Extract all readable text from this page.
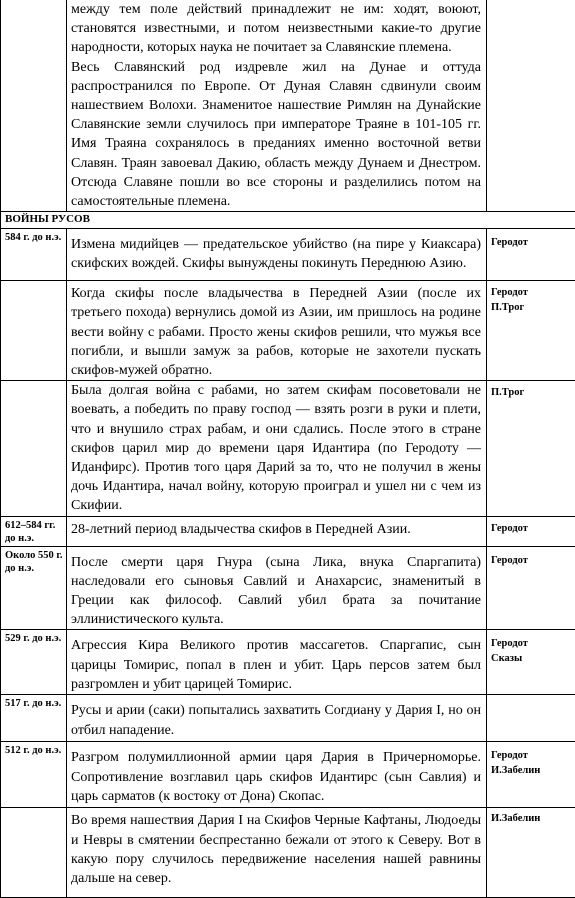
	между тем поле действий принадлежит не им: ходят, воюют, становятся известными, и потом неизвестными какие-то другие народности, которых наука не почитает за Славянские племена.

Весь Славянский род издревле жил на Дунае и оттуда распространился по Европе. От Дуная Славян сдвинули своим нашествием Волохи. Знаменитое нашествие Римлян на Дунайские Славянские земли случилось при императоре Траяне в 101-105 гг. Имя Траяна сохранялось в преданиях именно восточной ветви Славян. Траян завоевал Дакию, область между Дунаем и Днестром. Отсюда Славяне пошли во все стороны и разделились потом на самостоятельные племена.	

ВОЙНЫ РУСОВ		
584 г. до н.э.	Измена мидийцев — предательское убийство (на пире у Киаксара) скифских вождей. Скифы вынуждены покинуть Переднюю Азию.	Геродот

	Когда скифы после владычества в Передней Азии (после их третьего похода) вернулись домой из Азии, им пришлось на родине вести войну с рабами. Просто жены скифов решили, что мужья все погибли, и вышли замуж за рабов, которые не захотели пускать скифов-мужей обратно.	Геродот
П.Трог

	Была долгая война с рабами, но затем скифам посоветовали не воевать, а победить по праву господ — взять розги в руки и плети, что и внушило страх рабам, и они сдались. После этого в стране скифов царил мир до времени царя Идантира (по Геродоту — Иданфирс). Против того царя Дарий за то, что не получил в жены дочь Идантира, начал войну, которую проиграл и ушел ни с чем из Скифии.	П.Трог

612–584 гг. до н.э.	28-летний период владычества скифов в Передней Азии.	Геродот

Около 550 г. до н.э.	После смерти царя Гнура (сына Лика, внука Спаргапита) наследовали его сыновья Савлий и Анахарсис, знаменитый в Греции как философ. Савлий убил брата за почитание эллинистического культа.	Геродот

529 г. до н.э.	Агрессия Кира Великого против массагетов. Спаргапис, сын царицы Томирис, попал в плен и убит. Царь персов затем был разгромлен и убит царицей Томирис.	Геродот
Сказы

517 г. до н.э.	Русы и арии (саки) попытались захватить Согдиану у Дария I, но он отбил нападение.	
512 г. до н.э.	Разгром полумиллионной армии царя Дария в Причерноморье. Сопротивление возглавил царь скифов Идантирс (сын Савлия) и царь сарматов (к востоку от Дона) Скопас.	Геродот
И.Забелин

	Во время нашествия Дария I на Скифов Черные Кафтаны, Людоеды и Невры в смятении беспрестанно бежали от этого к Северу. Вот в какую пору случилось передвижение населения нашей равнины дальше на север.	И.Забелин
